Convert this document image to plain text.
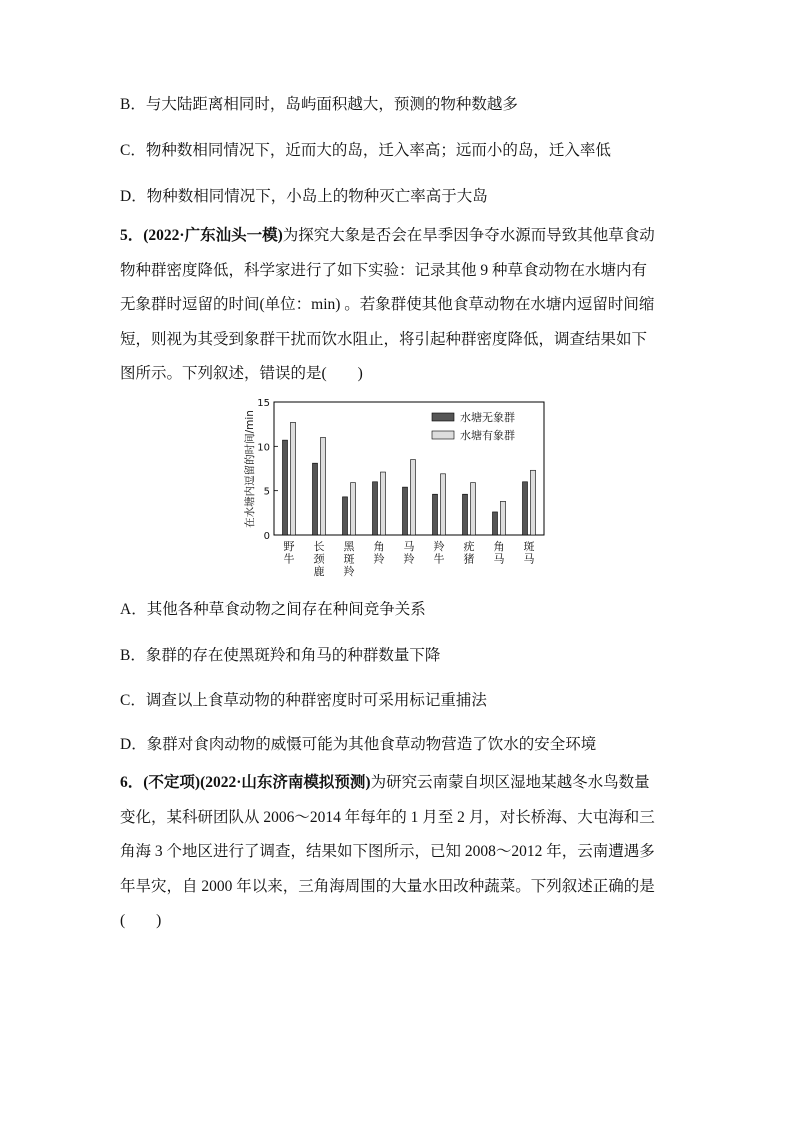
B．与大陆距离相同时，岛屿面积越大，预测的物种数越多
C．物种数相同情况下，近而大的岛，迁入率高；远而小的岛，迁入率低
D．物种数相同情况下，小岛上的物种灭亡率高于大岛
5．(2022·广东汕头一模)为探究大象是否会在旱季因争夺水源而导致其他草食动
物种群密度降低，科学家进行了如下实验：记录其他 9 种草食动物在水塘内有
无象群时逗留的时间(单位：min) 。若象群使其他食草动物在水塘内逗留时间缩
短，则视为其受到象群干扰而饮水阻止，将引起种群密度降低，调查结果如下
图所示。下列叙述，错误的是(　　)
0
5
10
15
野牛
长颈鹿
黑斑羚
角羚
马羚
羚牛
疣猪
角马
斑马
在水塘内逗留的时间/min	水塘无象群
水塘有象群
A．其他各种草食动物之间存在种间竞争关系
B．象群的存在使黑斑羚和角马的种群数量下降
C．调查以上食草动物的种群密度时可采用标记重捕法
D．象群对食肉动物的威慑可能为其他食草动物营造了饮水的安全环境
6．(不定项)(2022·山东济南模拟预测)为研究云南蒙自坝区湿地某越冬水鸟数量
变化，某科研团队从 2006～2014 年每年的 1 月至 2 月，对长桥海、大屯海和三
角海 3 个地区进行了调查，结果如下图所示，已知 2008～2012 年，云南遭遇多
年旱灾，自 2000 年以来，三角海周围的大量水田改种蔬菜。下列叙述正确的是
(　　)
